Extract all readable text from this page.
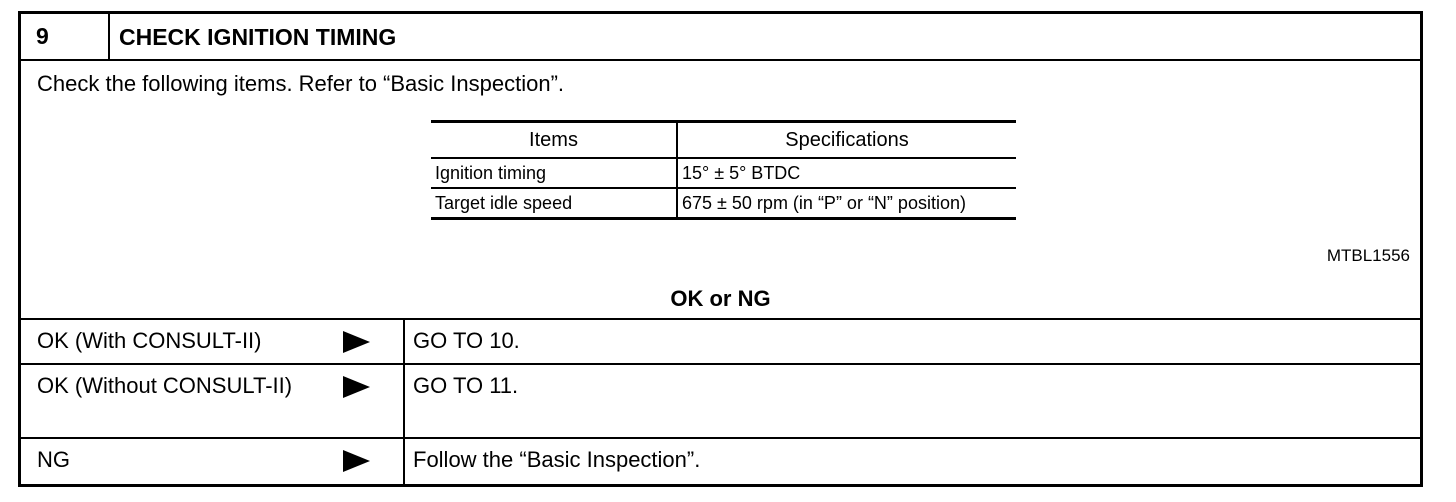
9	CHECK IGNITION TIMING
Check the following items. Refer to “Basic Inspection”.
Items	Specifications
Ignition timing	15° ± 5° BTDC
Target idle speed	675 ± 50 rpm (in “P” or “N” position)
MTBL1556
OK or NG
OK (With CONSULT-II)	GO TO 10.
OK (Without CONSULT-II)	GO TO 11.
NG	Follow the “Basic Inspection”.
